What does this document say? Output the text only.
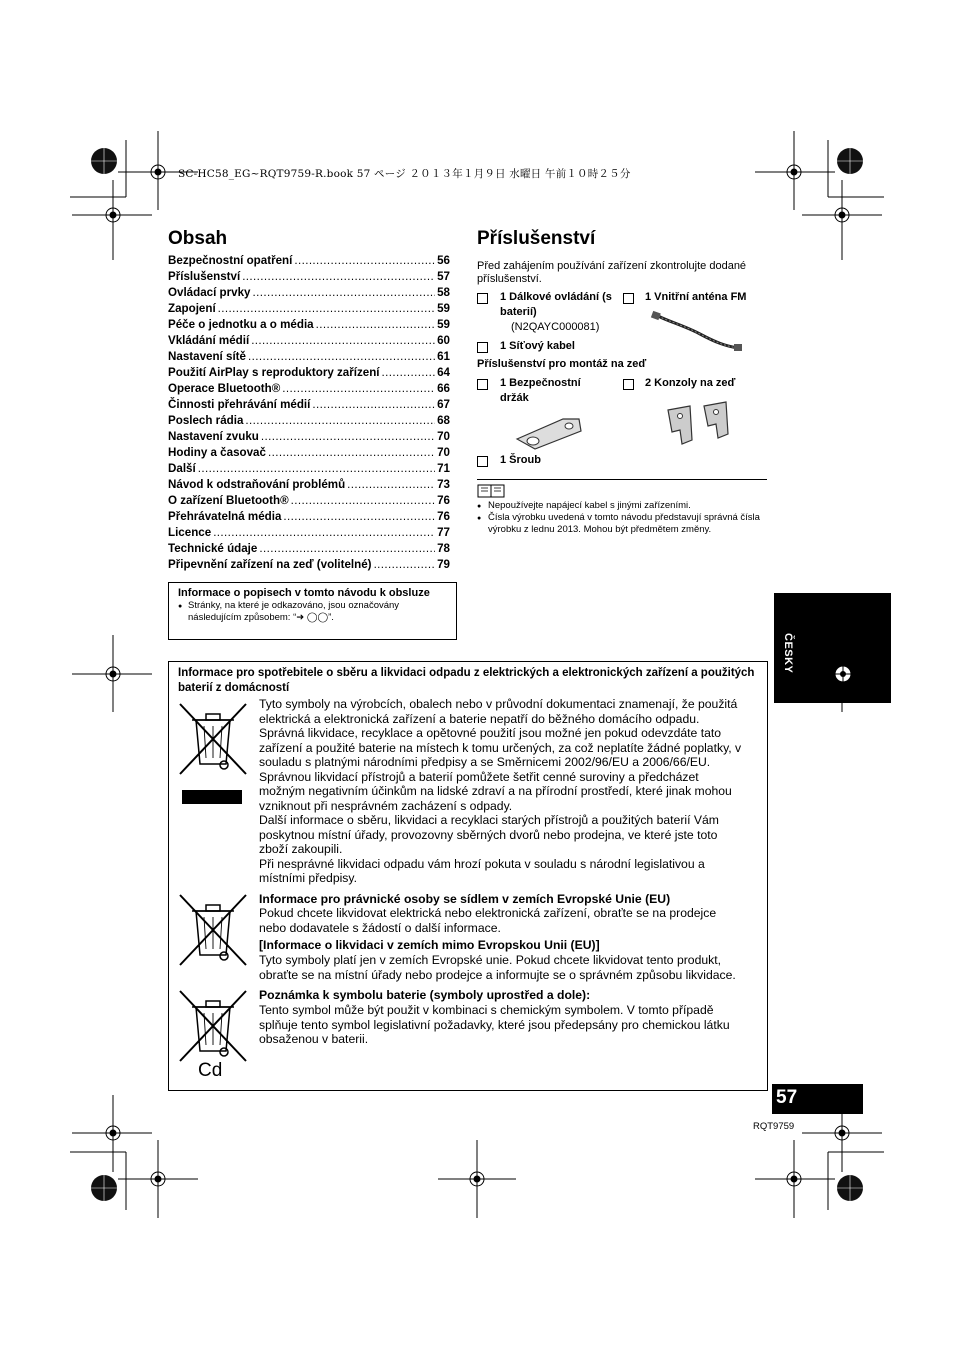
SC-HC58_EG~RQT9759-R.book 57 ページ ２０１３年１月９日 水曜日 午前１０時２５分
Obsah
Bezpečnostní opatření .....	56
Příslušenství .....	57
Ovládací prvky .....	58
Zapojení .....	59
Péče o jednotku a o média .....	59
Vkládání médií .....	60
Nastavení sítě .....	61
Použití AirPlay s reproduktory zařízení .....	64
Operace Bluetooth® .....	66
Činnosti přehrávání médií .....	67
Poslech rádia .....	68
Nastavení zvuku .....	70
Hodiny a časovač .....	70
Další .....	71
Návod k odstraňování problémů .....	73
O zařízení Bluetooth® .....	76
Přehrávatelná média .....	76
Licence .....	77
Technické údaje .....	78
Připevnění zařízení na zeď (volitelné) .....	79
Informace o popisech v tomto návodu k obsluze
● Stránky, na které je odkazováno, jsou označovány následujícím způsobem: “➜ ◯◯”.
Příslušenství
Před zahájením používání zařízení zkontrolujte dodané příslušenství.
1 Dálkové ovládání (s baterií)
(N2QAYC000081)
1 Vnitřní anténa FM
1 Síťový kabel
Příslušenství pro montáž na zeď
1 Bezpečnostní držák
2 Konzoly na zeď
1 Šroub
● Nepoužívejte napájecí kabel s jinými zařízeními.
● Čísla výrobku uvedená v tomto návodu představují správná čísla výrobku z lednu 2013. Mohou být předmětem změny.
ČESKY
Informace pro spotřebitele o sběru a likvidaci odpadu z elektrických a elektronických zařízení a použitých baterií z domácností
Cd
Tyto symboly na výrobcích, obalech nebo v průvodní dokumentaci znamenají, že použitá
elektrická a elektronická zařízení a baterie nepatří do běžného domácího odpadu.
Správná likvidace, recyklace a opětovné použití jsou možné jen pokud odevzdáte tato
zařízení a použité baterie na místech k tomu určených, za což neplatíte žádné poplatky, v
souladu s platnými národními předpisy a se Směrnicemi 2002/96/EU a 2006/66/EU.
Správnou likvidací přístrojů a baterií pomůžete šetřit cenné suroviny a předcházet
možným negativním účinkům na lidské zdraví a na přírodní prostředí, které jinak mohou
vzniknout při nesprávném zacházení s odpady.
Další informace o sběru, likvidaci a recyklaci starých přístrojů a použitých baterií Vám
poskytnou místní úřady, provozovny sběrných dvorů nebo prodejna, ve které jste toto
zboží zakoupili.
Při nesprávné likvidaci odpadu vám hrozí pokuta v souladu s národní legislativou a
místními předpisy.
Informace pro právnické osoby se sídlem v zemích Evropské Unie (EU)
Pokud chcete likvidovat elektrická nebo elektronická zařízení, obraťte se na prodejce
nebo dodavatele s žádostí o další informace.
[Informace o likvidaci v zemích mimo Evropskou Unii (EU)]
Tyto symboly platí jen v zemích Evropské unie. Pokud chcete likvidovat tento produkt,
obraťte se na místní úřady nebo prodejce a informujte se o správném způsobu likvidace.
Poznámka k symbolu baterie (symboly uprostřed a dole):
Tento symbol může být použit v kombinaci s chemickým symbolem. V tomto případě
splňuje tento symbol legislativní požadavky, které jsou předepsány pro chemickou látku
obsaženou v baterii.
57
RQT9759
